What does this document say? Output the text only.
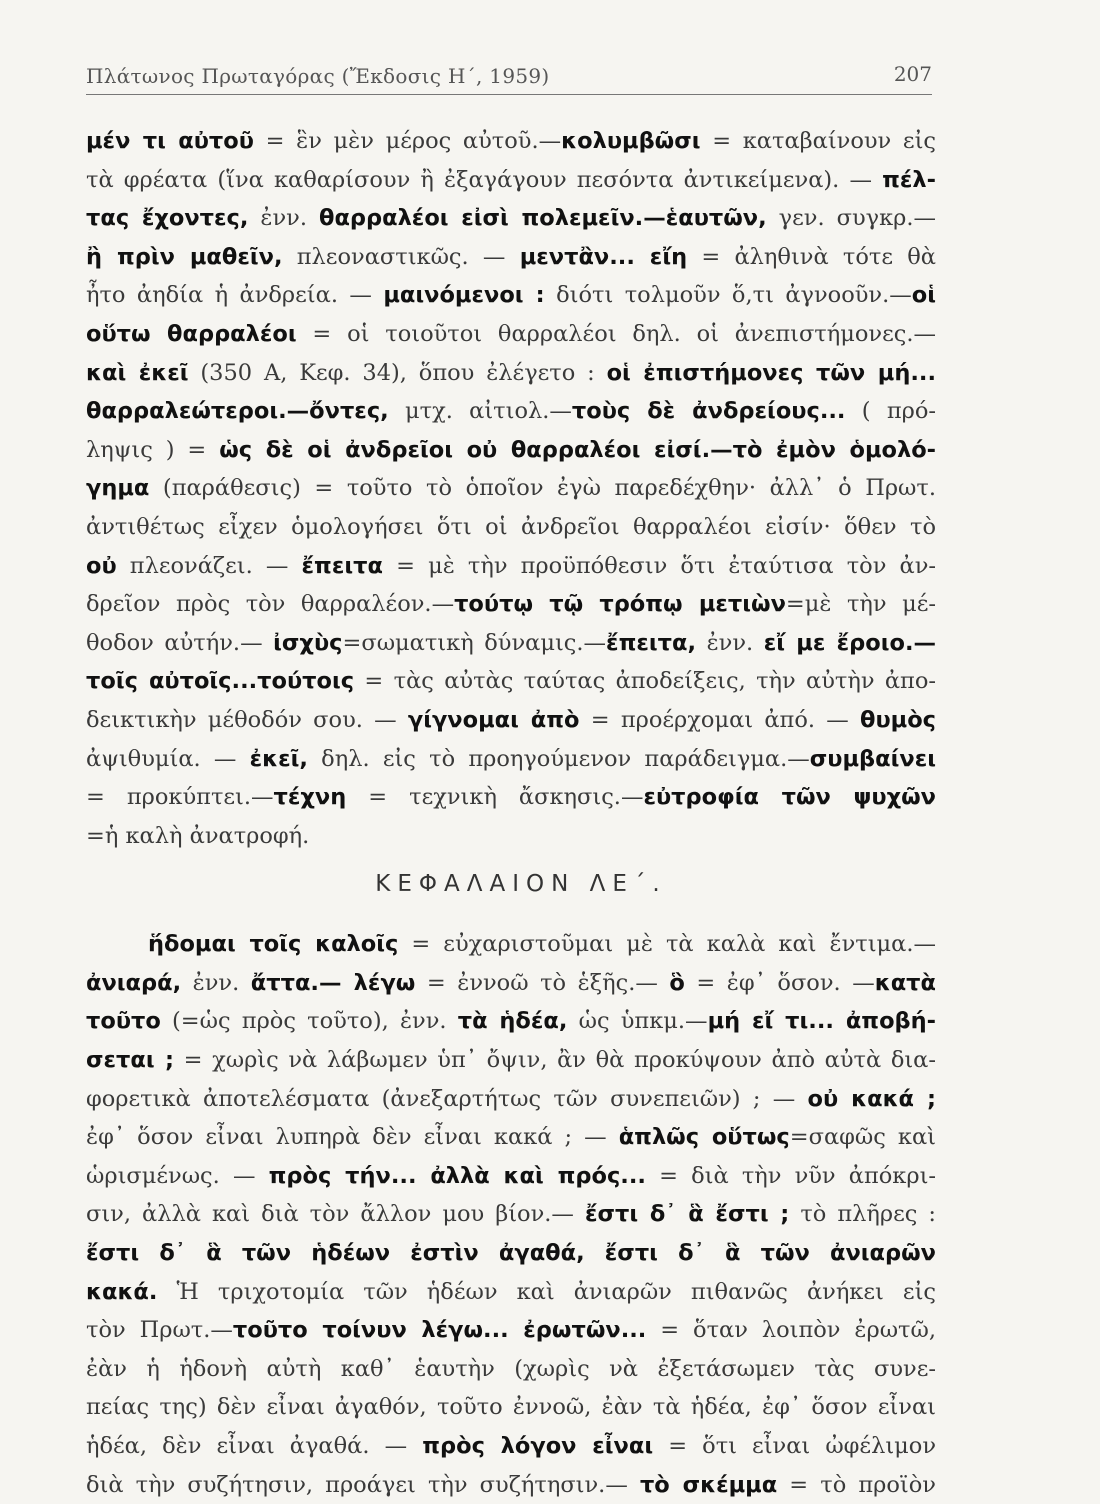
Πλάτωνος Πρωταγόρας (Ἔκδοσις Η΄, 1959)	207
μέν τι αὐτοῦ = ἓν μὲν μέρος αὐτοῦ.—κολυμβῶσι = καταβαίνουν εἰς
τὰ φρέατα (ἵνα καθαρίσουν ἢ ἐξαγάγουν πεσόντα ἀντικείμενα). — πέλ-
τας ἔχοντες, ἐνν. θαρραλέοι εἰσὶ πολεμεῖν.—ἑαυτῶν, γεν. συγκρ.—
ἢ πρὶν μαθεῖν, πλεοναστικῶς. — μεντἂν... εἴη = ἀληθινὰ τότε θὰ
ἦτο ἀηδία ἡ ἀνδρεία. — μαινόμενοι : διότι τολμοῦν ὅ,τι ἀγνοοῦν.—οἱ
οὕτω θαρραλέοι = οἱ τοιοῦτοι θαρραλέοι δηλ. οἱ ἀνεπιστήμονες.—
καὶ ἐκεῖ (350 Α, Κεφ. 34), ὅπου ἐλέγετο : οἱ ἐπιστήμονες τῶν μή...
θαρραλεώτεροι.—ὄντες, μτχ. αἰτιολ.—τοὺς δὲ ἀνδρείους... ( πρό-
ληψις ) = ὡς δὲ οἱ ἀνδρεῖοι οὐ θαρραλέοι εἰσί.—τὸ ἐμὸν ὁμολό-
γημα (παράθεσις) = τοῦτο τὸ ὁποῖον ἐγὼ παρεδέχθην· ἀλλ᾽ ὁ Πρωτ.
ἀντιθέτως εἶχεν ὁμολογήσει ὅτι οἱ ἀνδρεῖοι θαρραλέοι εἰσίν· ὅθεν τὸ
οὐ πλεονάζει. — ἔπειτα = μὲ τὴν προϋπόθεσιν ὅτι ἐταύτισα τὸν ἀν-
δρεῖον πρὸς τὸν θαρραλέον.—τούτῳ τῷ τρόπῳ μετιὼν=μὲ τὴν μέ-
θοδον αὐτήν.— ἰσχὺς=σωματικὴ δύναμις.—ἔπειτα, ἐνν. εἴ με ἔροιο.—
τοῖς αὐτοῖς...τούτοις = τὰς αὐτὰς ταύτας ἀποδείξεις, τὴν αὐτὴν ἀπο-
δεικτικὴν μέθοδόν σου. — γίγνομαι ἀπὸ = προέρχομαι ἀπό. — θυμὸς
ἀψιθυμία. — ἐκεῖ, δηλ. εἰς τὸ προηγούμενον παράδειγμα.—συμβαίνει
= προκύπτει.—τέχνη = τεχνικὴ ἄσκησις.—εὐτροφία τῶν ψυχῶν
=ἡ καλὴ ἀνατροφή.
ΚΕΦΑΛΑΙΟΝ ΛΕ΄.
ἥδομαι τοῖς καλοῖς = εὐχαριστοῦμαι μὲ τὰ καλὰ καὶ ἔντιμα.—
ἀνιαρά, ἐνν. ἄττα.— λέγω = ἐννοῶ τὸ ἑξῆς.— ὃ = ἐφ᾽ ὅσον. —κατὰ
τοῦτο (=ὡς πρὸς τοῦτο), ἐνν. τὰ ἡδέα, ὡς ὑπκμ.—μή εἴ τι... ἀποβή-
σεται ; = χωρὶς νὰ λάβωμεν ὑπ᾽ ὄψιν, ἂν θὰ προκύψουν ἀπὸ αὐτὰ δια-
φορετικὰ ἀποτελέσματα (ἀνεξαρτήτως τῶν συνεπειῶν) ; — οὐ κακά ;
ἐφ᾽ ὅσον εἶναι λυπηρὰ δὲν εἶναι κακά ; — ἁπλῶς οὕτως=σαφῶς καὶ
ὡρισμένως. — πρὸς τήν... ἀλλὰ καὶ πρός... = διὰ τὴν νῦν ἀπόκρι-
σιν, ἀλλὰ καὶ διὰ τὸν ἄλλον μου βίον.— ἔστι δ᾽ ἃ ἔστι ; τὸ πλῆρες :
ἔστι δ᾽ ἃ τῶν ἡδέων ἐστὶν ἀγαθά, ἔστι δ᾽ ἃ τῶν ἀνιαρῶν
κακά. Ἡ τριχοτομία τῶν ἡδέων καὶ ἀνιαρῶν πιθανῶς ἀνήκει εἰς
τὸν Πρωτ.—τοῦτο τοίνυν λέγω... ἐρωτῶν... = ὅταν λοιπὸν ἐρωτῶ,
ἐὰν ἡ ἡδονὴ αὐτὴ καθ᾽ ἑαυτὴν (χωρὶς νὰ ἐξετάσωμεν τὰς συνε-
πείας της) δὲν εἶναι ἀγαθόν, τοῦτο ἐννοῶ, ἐὰν τὰ ἡδέα, ἐφ᾽ ὅσον εἶναι
ἡδέα, δὲν εἶναι ἀγαθά. — πρὸς λόγον εἶναι = ὅτι εἶναι ὠφέλιμον
διὰ τὴν συζήτησιν, προάγει τὴν συζήτησιν.— τὸ σκέμμα = τὸ προϊὸν
